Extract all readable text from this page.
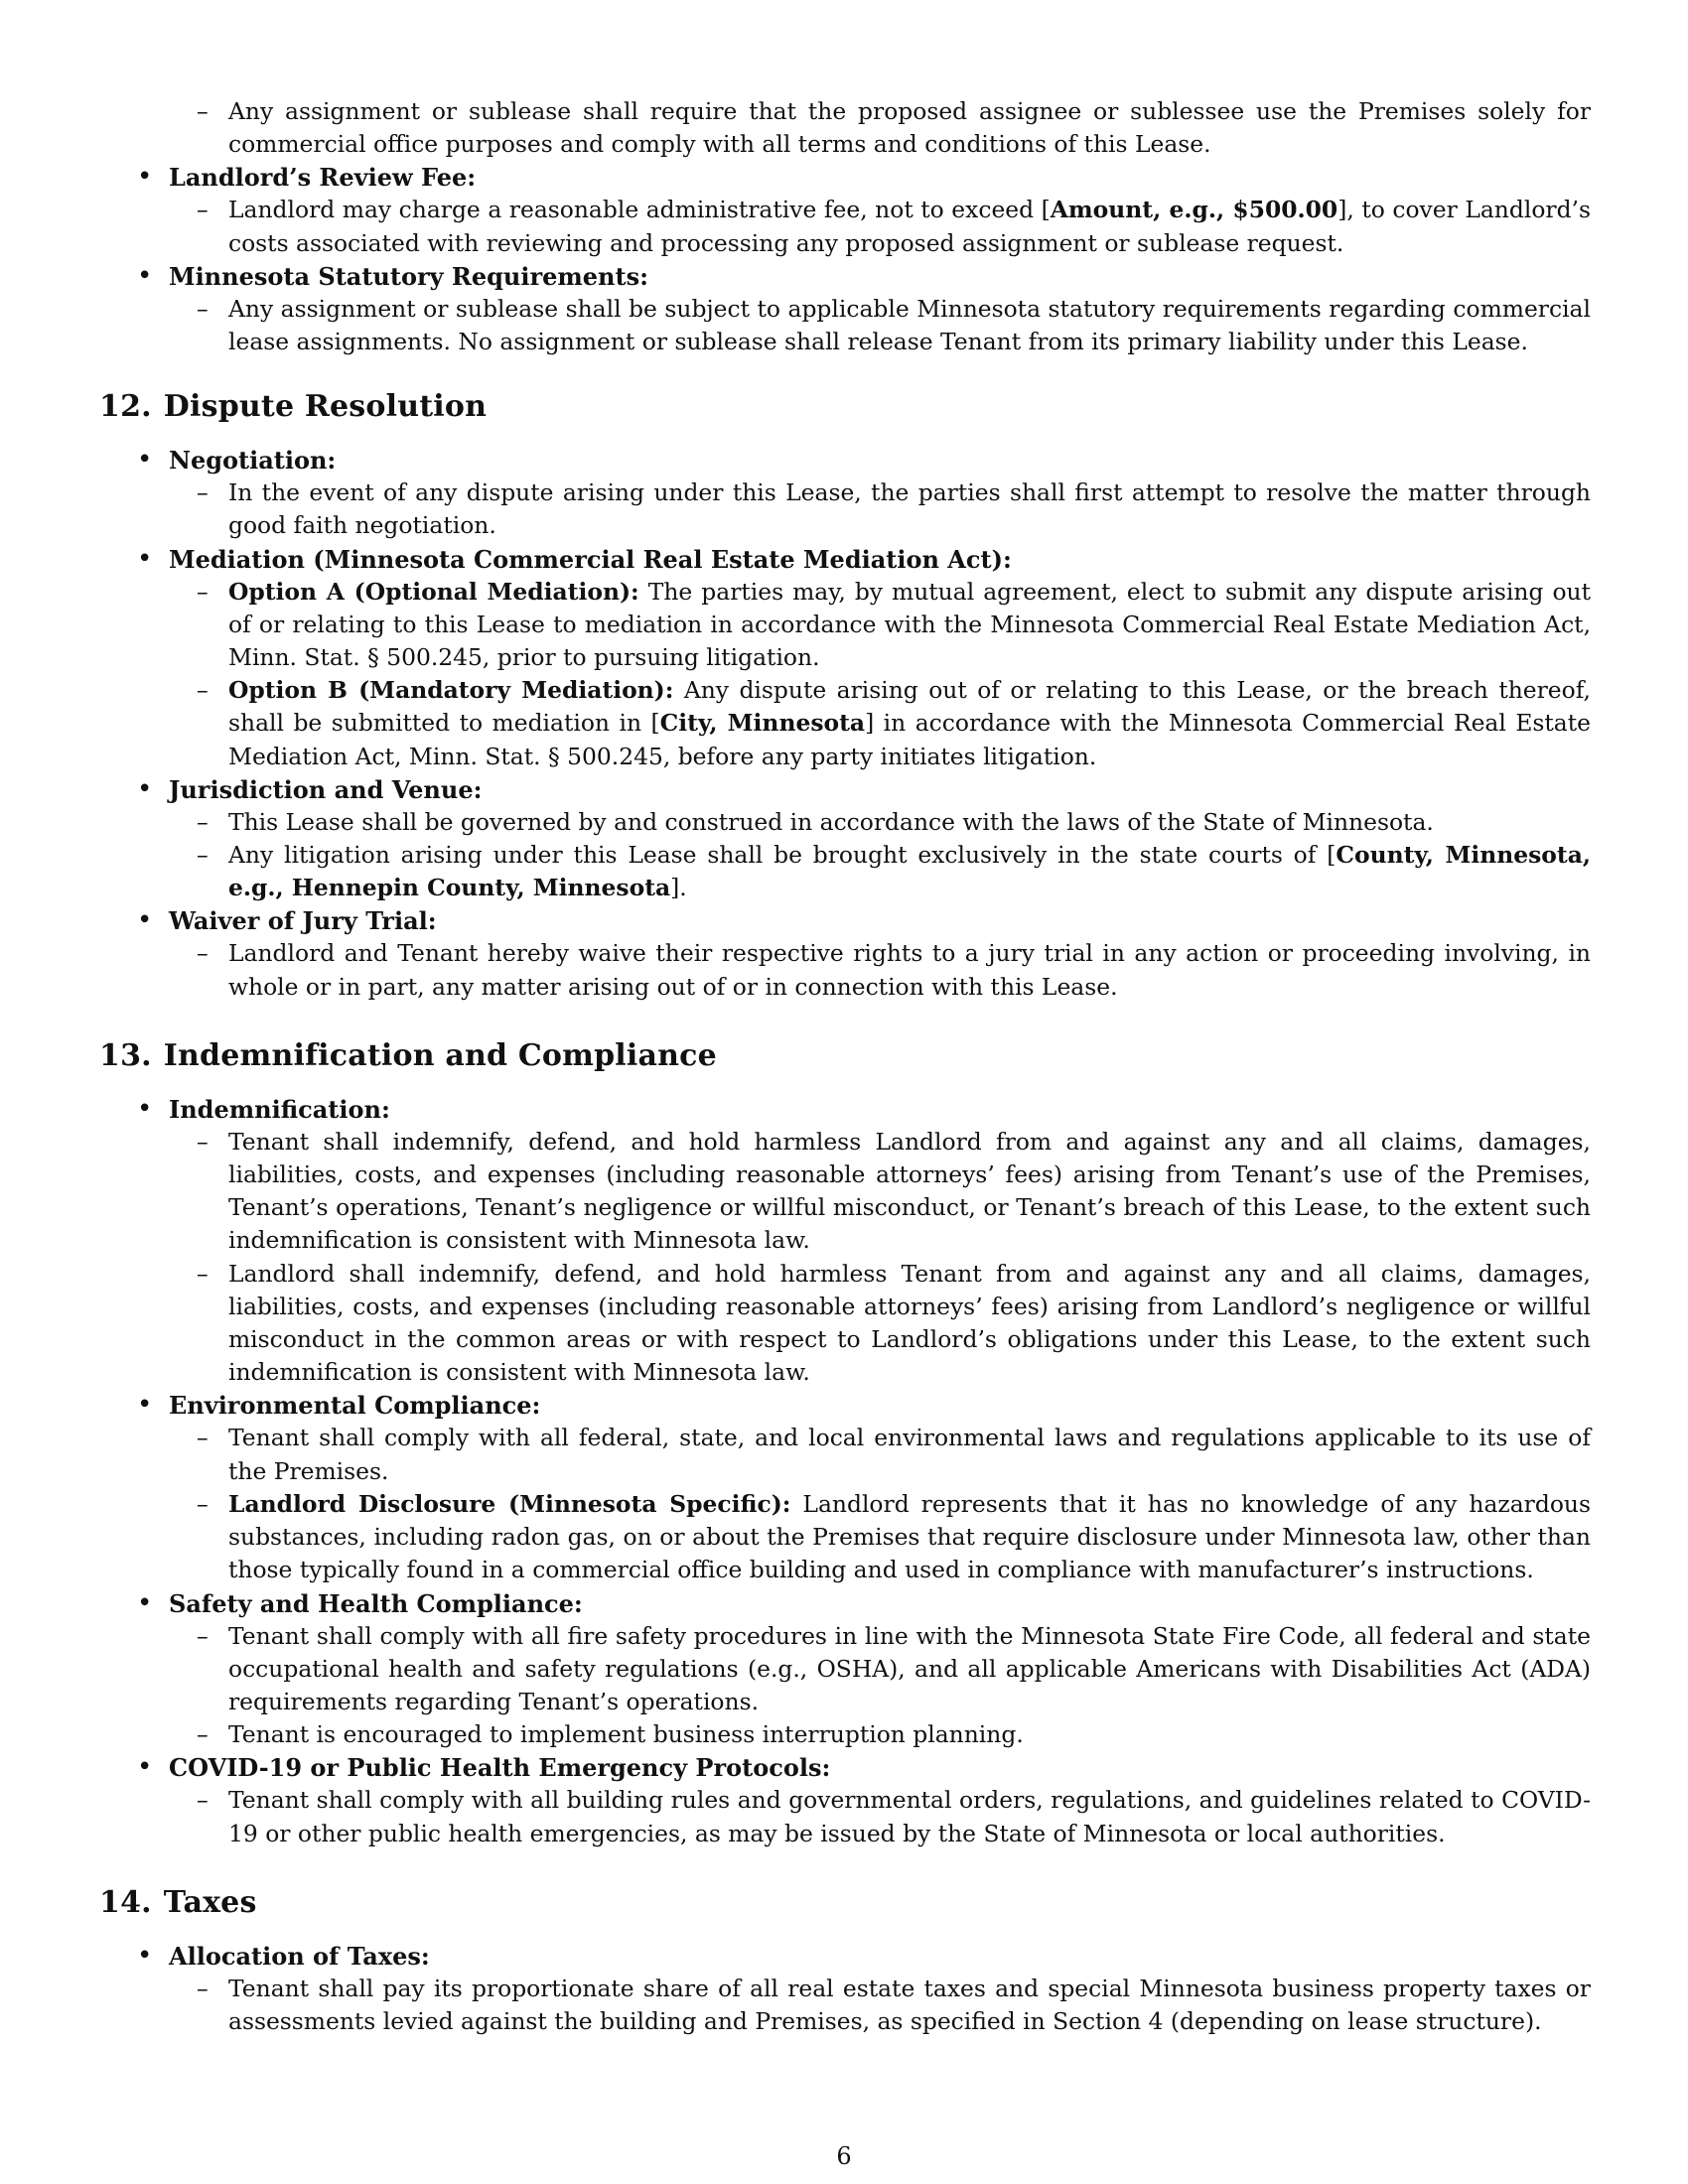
– Any assignment or sublease shall require that the proposed assignee or sublessee use the Premises solely for commercial office purposes and comply with all terms and conditions of this Lease.
• Landlord’s Review Fee:
– Landlord may charge a reasonable administrative fee, not to exceed [Amount, e.g., $500.00], to cover Landlord’s costs associated with reviewing and processing any proposed assignment or sublease request.
• Minnesota Statutory Requirements:
– Any assignment or sublease shall be subject to applicable Minnesota statutory requirements regarding commercial lease assignments. No assignment or sublease shall release Tenant from its primary liability under this Lease.
12. Dispute Resolution
• Negotiation:
– In the event of any dispute arising under this Lease, the parties shall first attempt to resolve the matter through good faith negotiation.
• Mediation (Minnesota Commercial Real Estate Mediation Act):
– Option A (Optional Mediation): The parties may, by mutual agreement, elect to submit any dispute arising out of or relating to this Lease to mediation in accordance with the Minnesota Commercial Real Estate Mediation Act, Minn. Stat. § 500.245, prior to pursuing litigation.
– Option B (Mandatory Mediation): Any dispute arising out of or relating to this Lease, or the breach thereof, shall be submitted to mediation in [City, Minnesota] in accordance with the Minnesota Commercial Real Estate Mediation Act, Minn. Stat. § 500.245, before any party initiates litigation.
• Jurisdiction and Venue:
– This Lease shall be governed by and construed in accordance with the laws of the State of Minnesota.
– Any litigation arising under this Lease shall be brought exclusively in the state courts of [County, Minnesota, e.g., Hennepin County, Minnesota].
• Waiver of Jury Trial:
– Landlord and Tenant hereby waive their respective rights to a jury trial in any action or proceeding involving, in whole or in part, any matter arising out of or in connection with this Lease.
13. Indemnification and Compliance
• Indemnification:
– Tenant shall indemnify, defend, and hold harmless Landlord from and against any and all claims, damages, liabilities, costs, and expenses (including reasonable attorneys’ fees) arising from Tenant’s use of the Premises, Tenant’s operations, Tenant’s negligence or willful misconduct, or Tenant’s breach of this Lease, to the extent such indemnification is consistent with Minnesota law.
– Landlord shall indemnify, defend, and hold harmless Tenant from and against any and all claims, damages, liabilities, costs, and expenses (including reasonable attorneys’ fees) arising from Landlord’s negligence or willful misconduct in the common areas or with respect to Landlord’s obligations under this Lease, to the extent such indemnification is consistent with Minnesota law.
• Environmental Compliance:
– Tenant shall comply with all federal, state, and local environmental laws and regulations applicable to its use of the Premises.
– Landlord Disclosure (Minnesota Specific): Landlord represents that it has no knowledge of any hazardous substances, including radon gas, on or about the Premises that require disclosure under Minnesota law, other than those typically found in a commercial office building and used in compliance with manufacturer’s instructions.
• Safety and Health Compliance:
– Tenant shall comply with all fire safety procedures in line with the Minnesota State Fire Code, all federal and state occupational health and safety regulations (e.g., OSHA), and all applicable Americans with Disabilities Act (ADA) requirements regarding Tenant’s operations.
– Tenant is encouraged to implement business interruption planning.
• COVID-19 or Public Health Emergency Protocols:
– Tenant shall comply with all building rules and governmental orders, regulations, and guidelines related to COVID-19 or other public health emergencies, as may be issued by the State of Minnesota or local authorities.
14. Taxes
• Allocation of Taxes:
– Tenant shall pay its proportionate share of all real estate taxes and special Minnesota business property taxes or assessments levied against the building and Premises, as specified in Section 4 (depending on lease structure).
6
